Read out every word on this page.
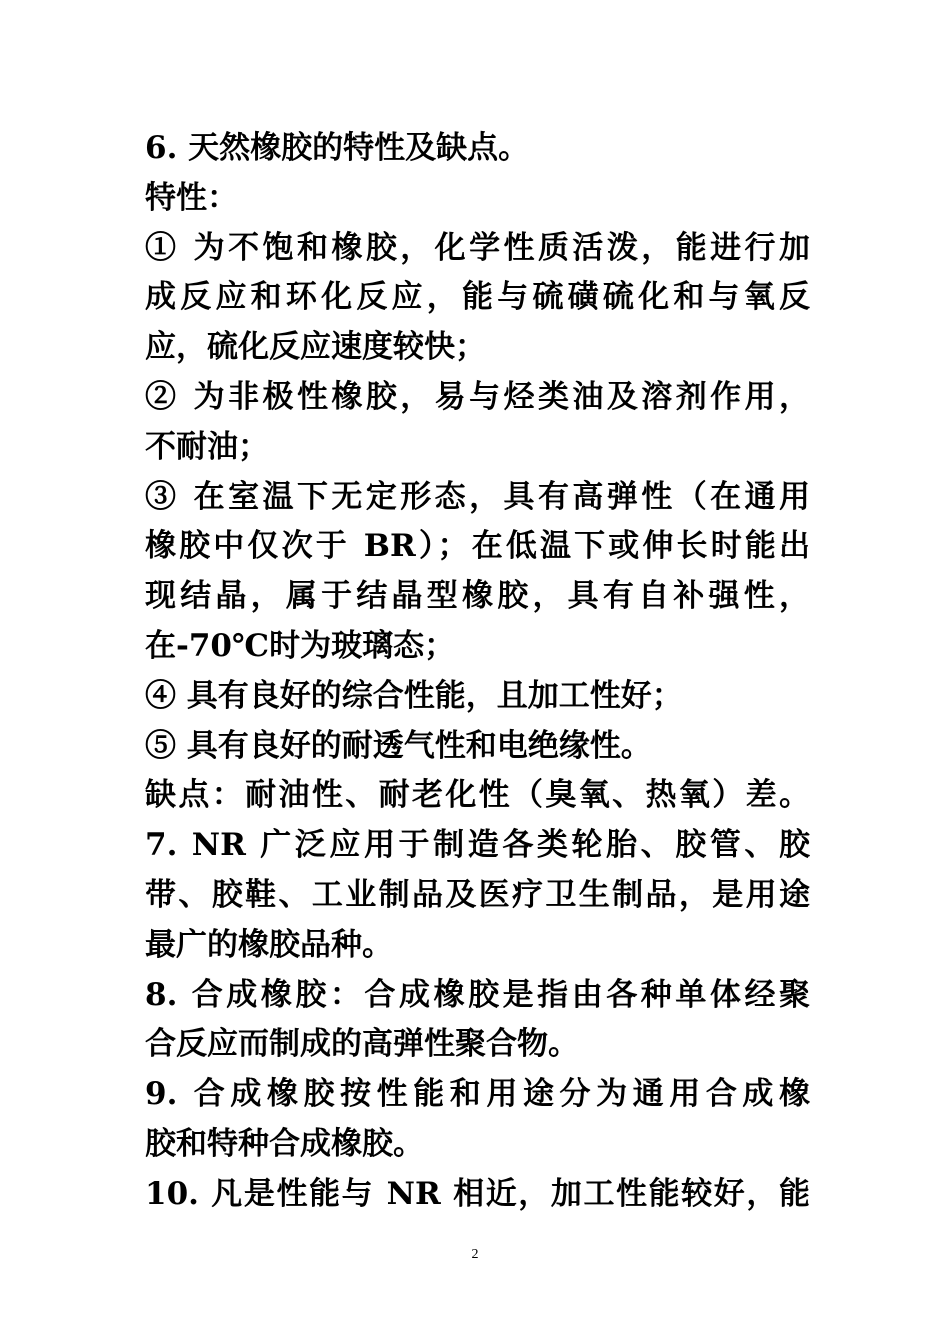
6. 天然橡胶的特性及缺点。
特性：
① 为不饱和橡胶，化学性质活泼，能进行加
成反应和环化反应，能与硫磺硫化和与氧反
应，硫化反应速度较快；
② 为非极性橡胶，易与烃类油及溶剂作用，
不耐油；
③ 在室温下无定形态，具有高弹性（在通用
橡胶中仅次于 BR）；在低温下或伸长时能出
现结晶，属于结晶型橡胶，具有自补强性，
在-70℃时为玻璃态；
④ 具有良好的综合性能，且加工性好；
⑤ 具有良好的耐透气性和电绝缘性。
缺点：耐油性、耐老化性（臭氧、热氧）差。
7. NR 广泛应用于制造各类轮胎、胶管、胶
带、胶鞋、工业制品及医疗卫生制品，是用途
最广的橡胶品种。
8. 合成橡胶：合成橡胶是指由各种单体经聚
合反应而制成的高弹性聚合物。
9. 合成橡胶按性能和用途分为通用合成橡
胶和特种合成橡胶。
10. 凡是性能与 NR 相近，加工性能较好，能
2
